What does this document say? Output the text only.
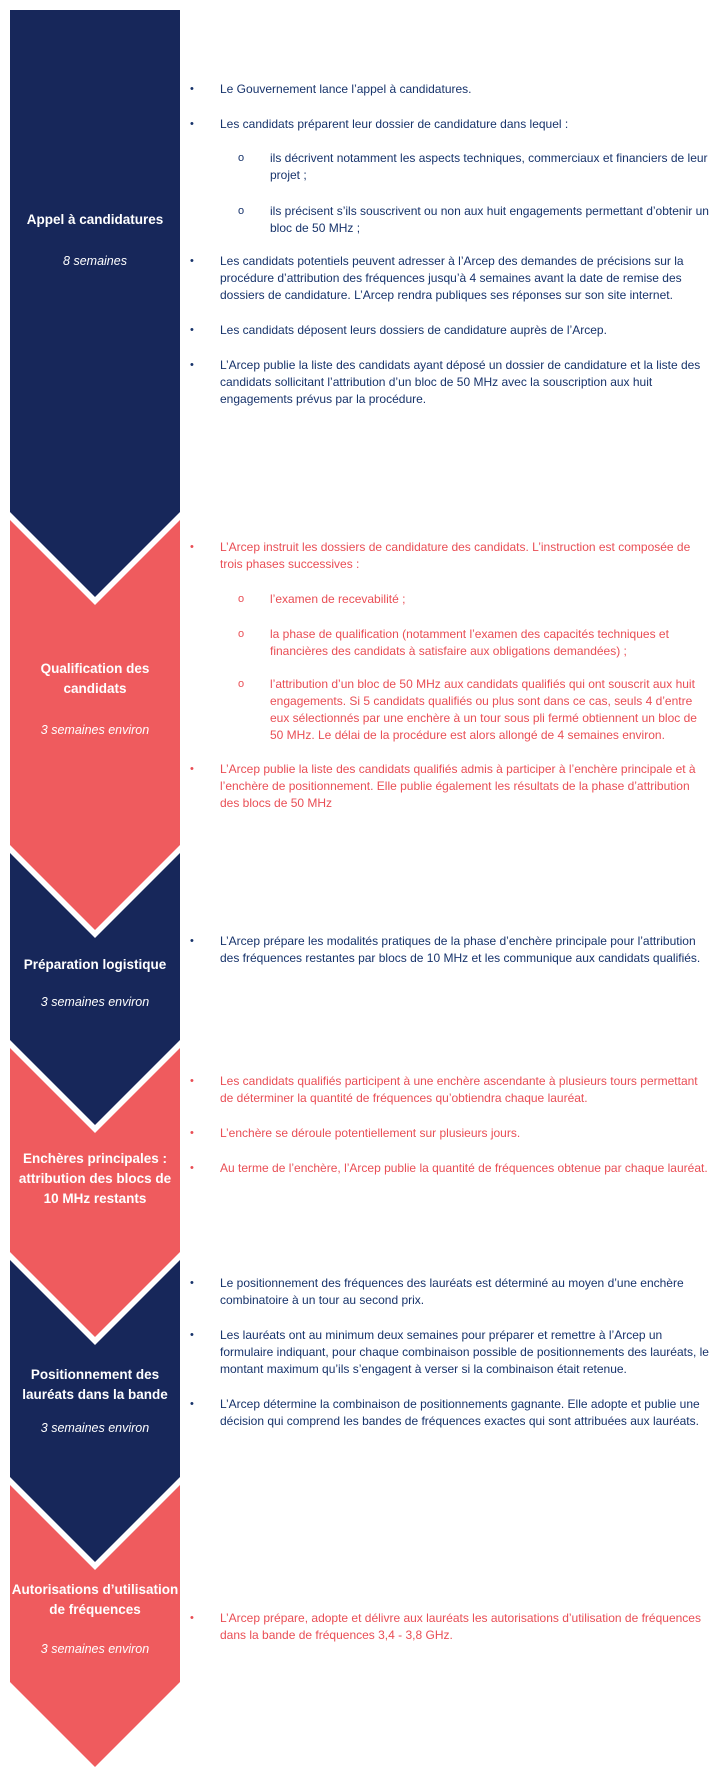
Appel à candidatures
8 semaines
Qualification des candidats
3 semaines environ
Préparation logistique
3 semaines environ
Enchères principales : attribution des blocs de 10 MHz restants
Positionnement des lauréats dans la bande
3 semaines environ
Autorisations d’utilisation de fréquences
3 semaines environ

• Le Gouvernement lance l’appel à candidatures.

• Les candidats préparent leur dossier de candidature dans lequel :

o ils décrivent notamment les aspects techniques, commerciaux et financiers de leur projet ;

o ils précisent s’ils souscrivent ou non aux huit engagements permettant d’obtenir un bloc de 50 MHz ;

• Les candidats potentiels peuvent adresser à l’Arcep des demandes de précisions sur la procédure d’attribution des fréquences jusqu’à 4 semaines avant la date de remise des dossiers de candidature. L’Arcep rendra publiques ses réponses sur son site internet.

• Les candidats déposent leurs dossiers de candidature auprès de l’Arcep.

• L’Arcep publie la liste des candidats ayant déposé un dossier de candidature et la liste des candidats sollicitant l’attribution d’un bloc de 50 MHz avec la souscription aux huit engagements prévus par la procédure.

• L’Arcep instruit les dossiers de candidature des candidats. L’instruction est composée de trois phases successives :

o l’examen de recevabilité ;

o la phase de qualification (notamment l’examen des capacités techniques et financières des candidats à satisfaire aux obligations demandées) ;

o l’attribution d’un bloc de 50 MHz aux candidats qualifiés qui ont souscrit aux huit engagements. Si 5 candidats qualifiés ou plus sont dans ce cas, seuls 4 d’entre eux sélectionnés par une enchère à un tour sous pli fermé obtiennent un bloc de 50 MHz. Le délai de la procédure est alors allongé de 4 semaines environ.

• L’Arcep publie la liste des candidats qualifiés admis à participer à l’enchère principale et à l’enchère de positionnement. Elle publie également les résultats de la phase d’attribution des blocs de 50 MHz

• L’Arcep prépare les modalités pratiques de la phase d’enchère principale pour l’attribution des fréquences restantes par blocs de 10 MHz et les communique aux candidats qualifiés.

• Les candidats qualifiés participent à une enchère ascendante à plusieurs tours permettant de déterminer la quantité de fréquences qu’obtiendra chaque lauréat.

• L’enchère se déroule potentiellement sur plusieurs jours.

• Au terme de l’enchère, l’Arcep publie la quantité de fréquences obtenue par chaque lauréat.

• Le positionnement des fréquences des lauréats est déterminé au moyen d’une enchère combinatoire à un tour au second prix.

• Les lauréats ont au minimum deux semaines pour préparer et remettre à l’Arcep un formulaire indiquant, pour chaque combinaison possible de positionnements des lauréats, le montant maximum qu’ils s’engagent à verser si la combinaison était retenue.

• L’Arcep détermine la combinaison de positionnements gagnante. Elle adopte et publie une décision qui comprend les bandes de fréquences exactes qui sont attribuées aux lauréats.

• L’Arcep prépare, adopte et délivre aux lauréats les autorisations d’utilisation de fréquences dans la bande de fréquences 3,4 - 3,8 GHz.
